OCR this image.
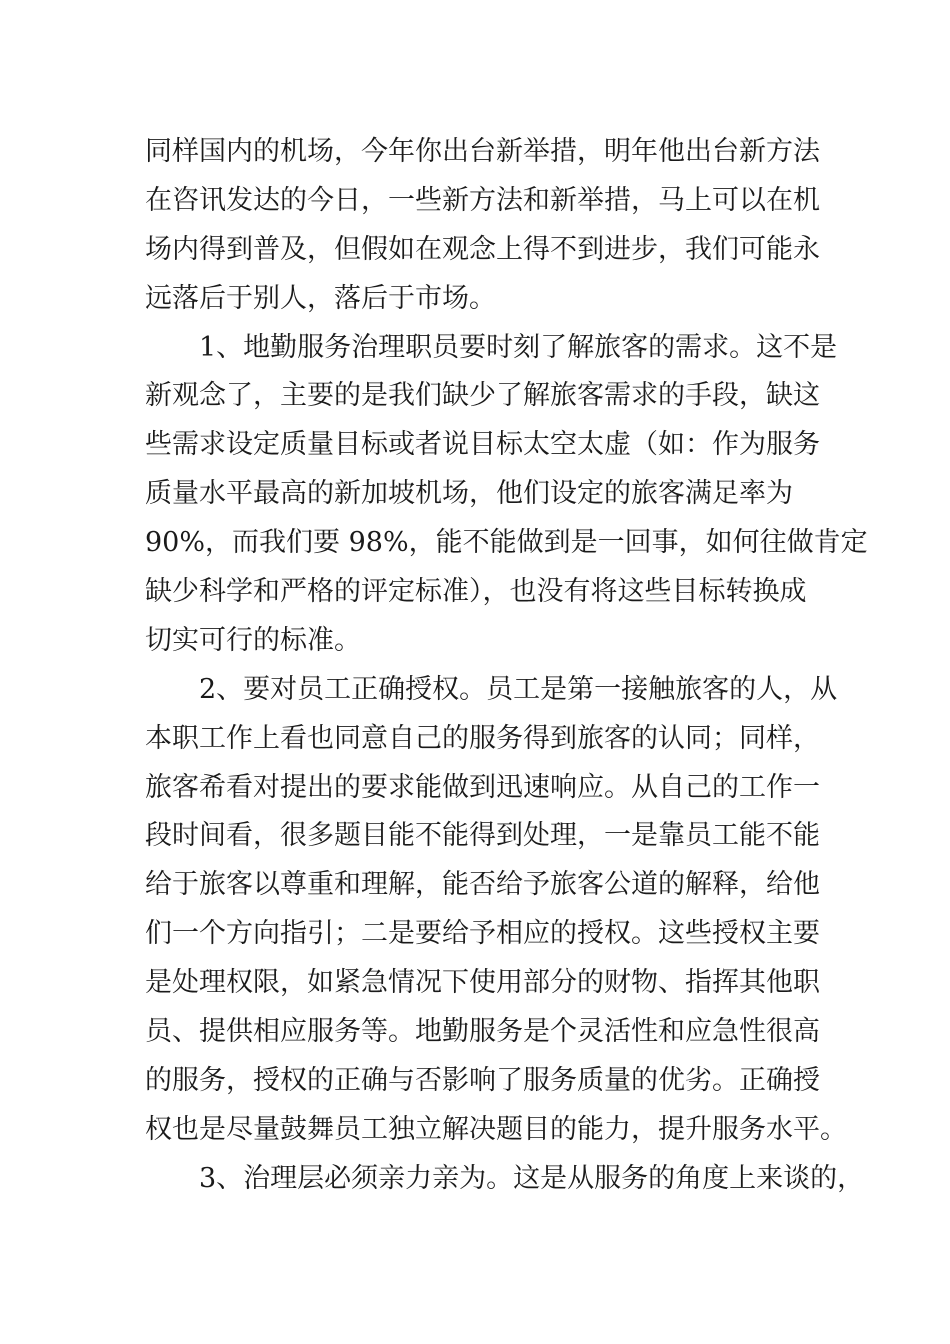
同样国内的机场，今年你出台新举措，明年他出台新方法
在咨讯发达的今日，一些新方法和新举措，马上可以在机
场内得到普及，但假如在观念上得不到进步，我们可能永
远落后于别人，落后于市场。
1、地勤服务治理职员要时刻了解旅客的需求。这不是
新观念了，主要的是我们缺少了解旅客需求的手段，缺这
些需求设定质量目标或者说目标太空太虚（如：作为服务
质量水平最高的新加坡机场，他们设定的旅客满足率为
90%，而我们要 98%，能不能做到是一回事，如何往做肯定
缺少科学和严格的评定标准），也没有将这些目标转换成
切实可行的标准。
2、要对员工正确授权。员工是第一接触旅客的人，从
本职工作上看也同意自己的服务得到旅客的认同；同样，
旅客希看对提出的要求能做到迅速响应。从自己的工作一
段时间看，很多题目能不能得到处理，一是靠员工能不能
给于旅客以尊重和理解，能否给予旅客公道的解释，给他
们一个方向指引；二是要给予相应的授权。这些授权主要
是处理权限，如紧急情况下使用部分的财物、指挥其他职
员、提供相应服务等。地勤服务是个灵活性和应急性很高
的服务，授权的正确与否影响了服务质量的优劣。正确授
权也是尽量鼓舞员工独立解决题目的能力，提升服务水平。
3、治理层必须亲力亲为。这是从服务的角度上来谈的，
